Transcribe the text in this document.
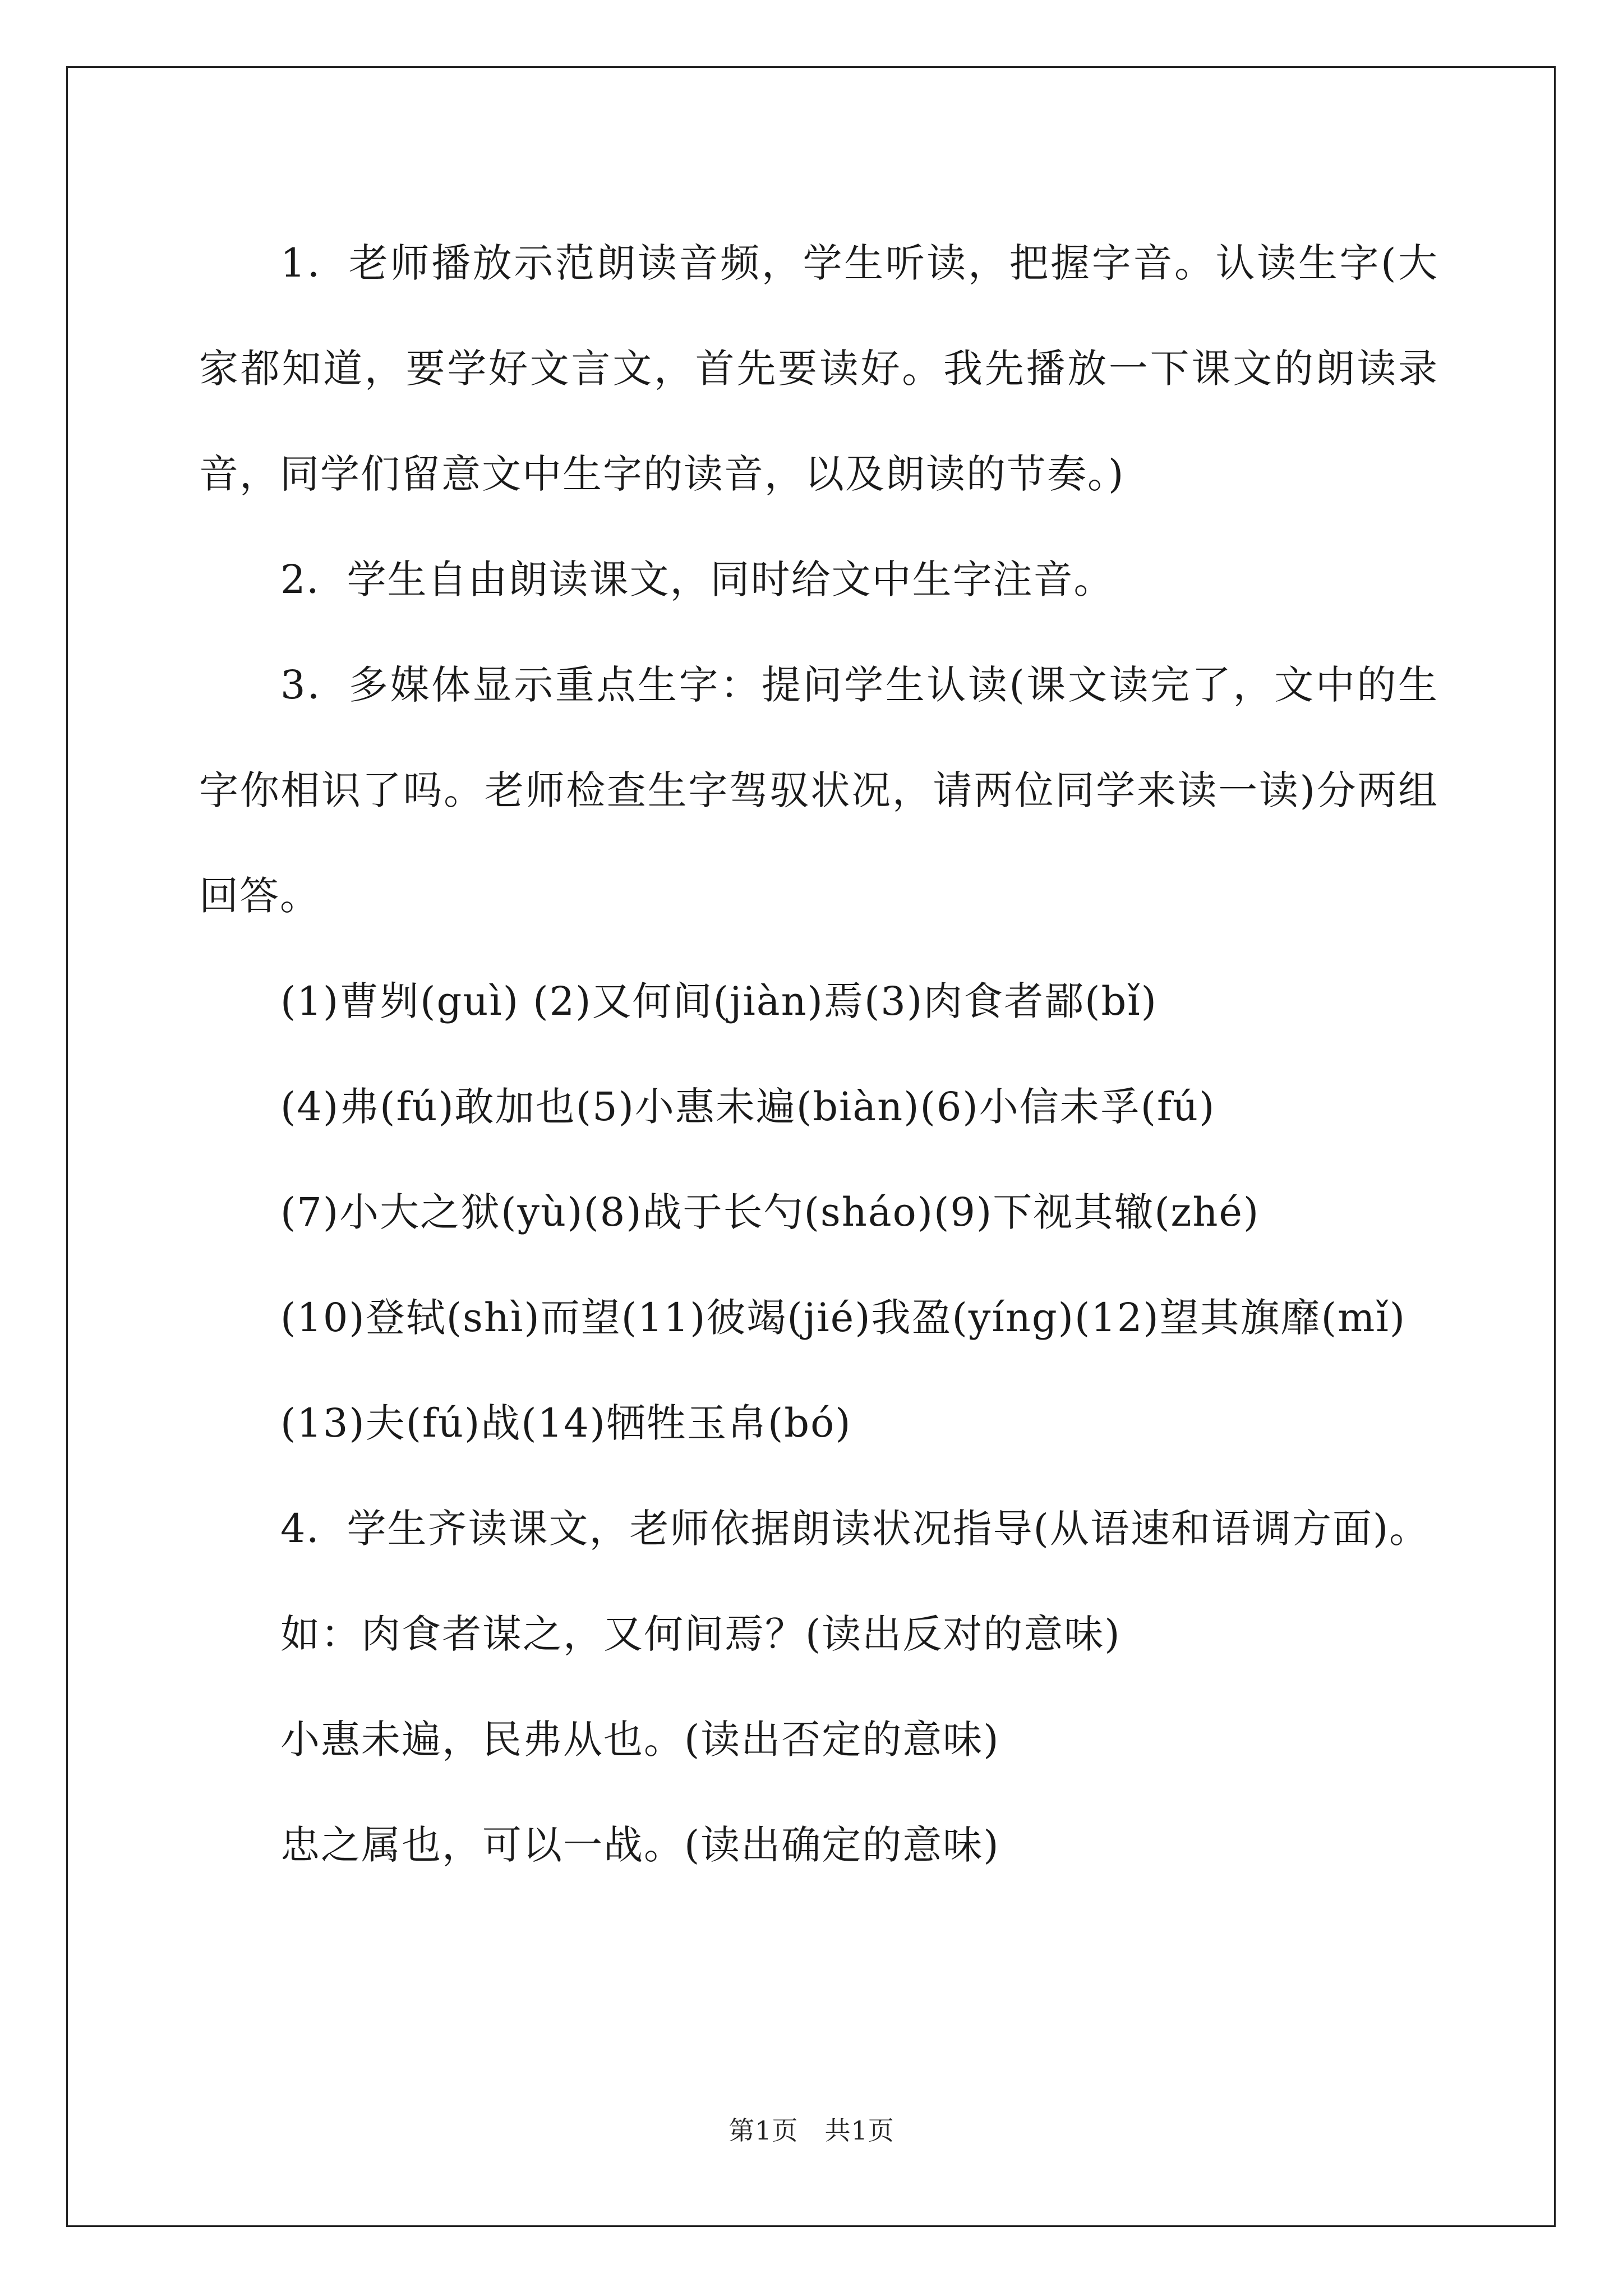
1．老师播放示范朗读音频，学生听读，把握字音。认读生字(大家都知道，要学好文言文，首先要读好。我先播放一下课文的朗读录音，同学们留意文中生字的读音，以及朗读的节奏。)

2．学生自由朗读课文，同时给文中生字注音。

3．多媒体显示重点生字：提问学生认读(课文读完了，文中的生字你相识了吗。老师检查生字驾驭状况，请两位同学来读一读)分两组回答。

(1)曹刿(guì) (2)又何间(jiàn)焉(3)肉食者鄙(bǐ)

(4)弗(fú)敢加也(5)小惠未遍(biàn)(6)小信未孚(fú)

(7)小大之狱(yù)(8)战于长勺(sháo)(9)下视其辙(zhé)

(10)登轼(shì)而望(11)彼竭(jié)我盈(yíng)(12)望其旗靡(mǐ)

(13)夫(fú)战(14)牺牲玉帛(bó)

4．学生齐读课文，老师依据朗读状况指导(从语速和语调方面)。

如：肉食者谋之，又何间焉？(读出反对的意味)

小惠未遍，民弗从也。(读出否定的意味)

忠之属也，可以一战。(读出确定的意味)

第1页　共1页
